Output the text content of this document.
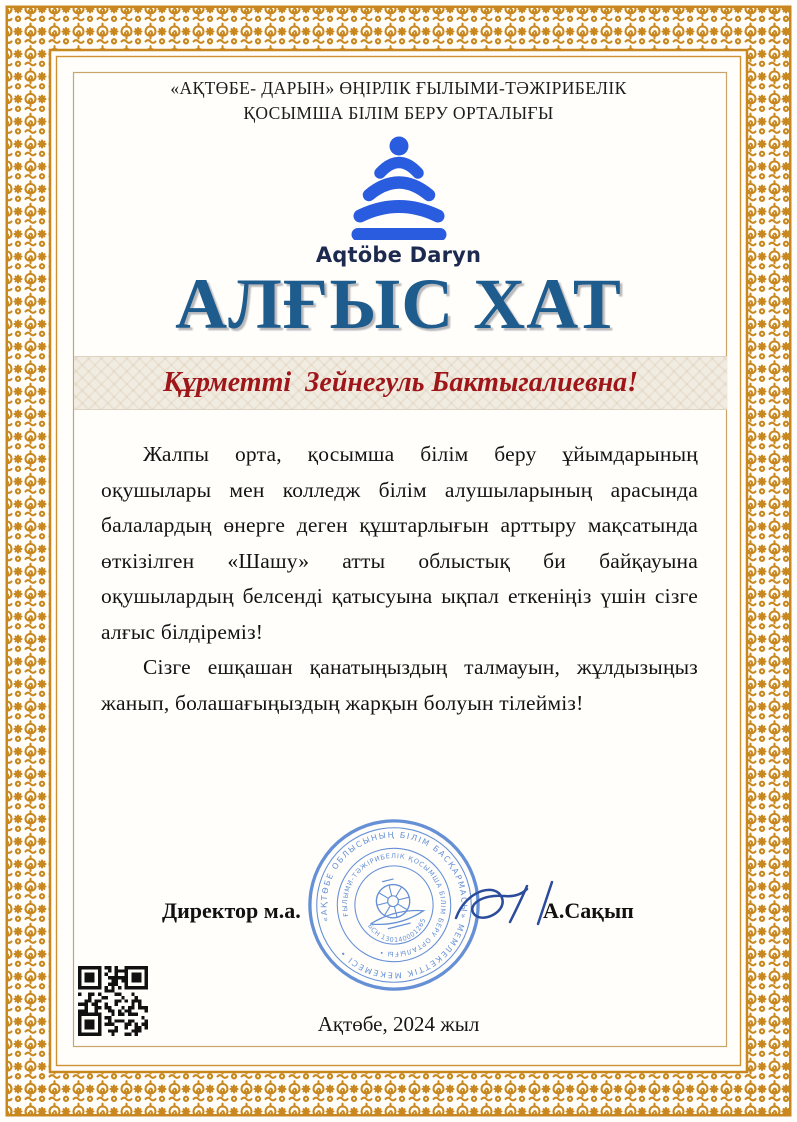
«АҚТӨБЕ- ДАРЫН» ӨҢІРЛІК ҒЫЛЫМИ-ТӘЖІРИБЕЛІК
ҚОСЫМША БІЛІМ БЕРУ ОРТАЛЫҒЫ
Aqtöbe Daryn
АЛҒЫС ХАТ
Құрметті Зейнегуль Бактыгалиевна!

Жалпы орта, қосымша білім беру ұйымдарының оқушылары мен колледж білім алушыларының арасында балалардың өнерге деген құштарлығын арттыру мақсатында өткізілген «Шашу» атты облыстық би байқауына оқушылардың белсенді қатысуына ықпал еткеніңіз үшін сізге алғыс білдіреміз!

Сізге ешқашан қанатыңыздың талмауын, жұлдызыңыз жанып, болашағыңыздың жарқын болуын тілейміз!

«АҚТӨБЕ ОБЛЫСЫНЫҢ БІЛІМ БАСҚАРМАСЫ» МЕМЛЕКЕТТІК МЕКЕМЕСІ •
ҒЫЛЫМИ-ТӘЖІРИБЕЛІК ҚОСЫМША БІЛІМ БЕРУ ОРТАЛЫҒЫ •
БСН 130140001265
Директор м.а.	А.Сақып
Ақтөбе, 2024 жыл
